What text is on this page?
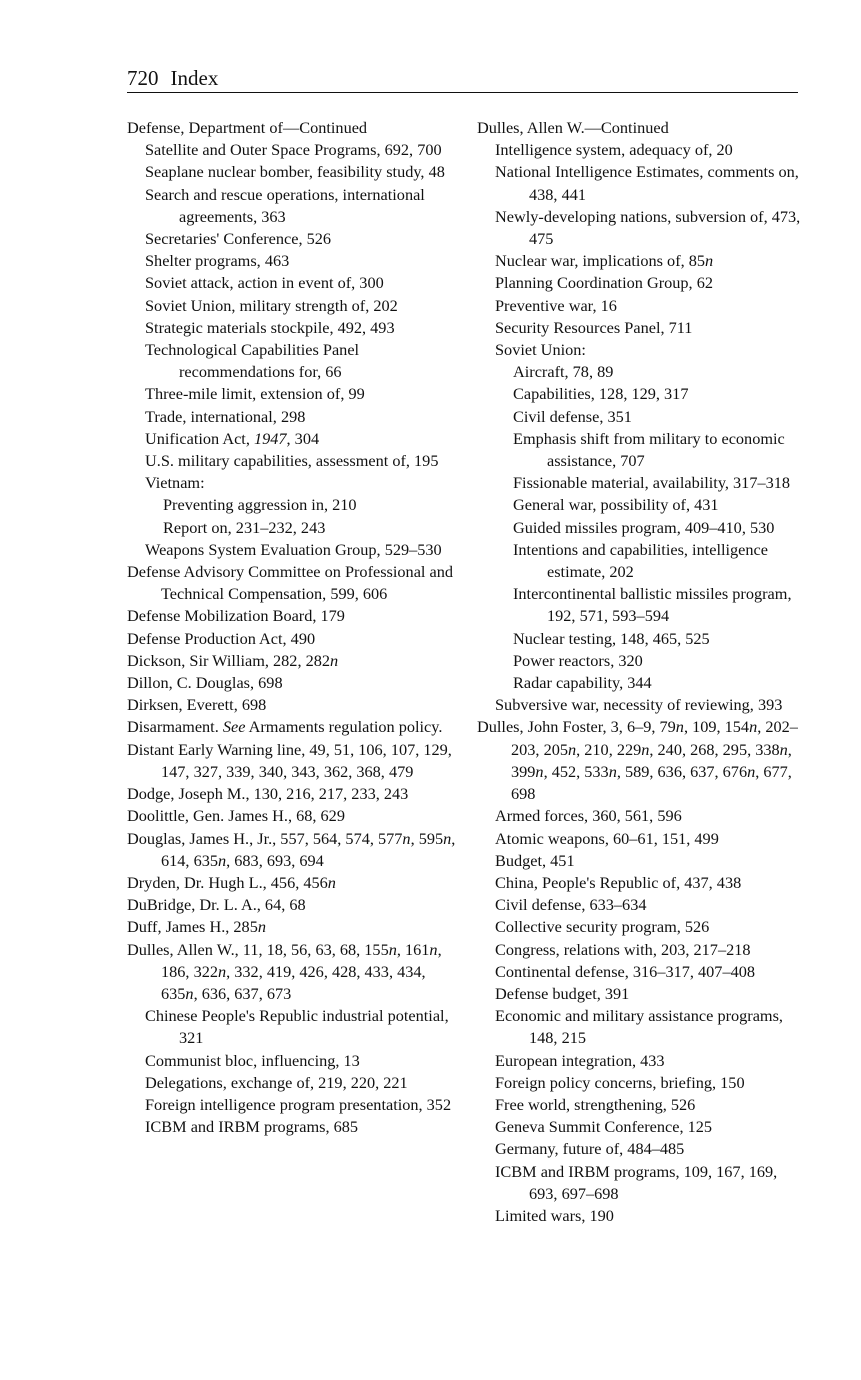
720 Index
Defense, Department of—Continued
Satellite and Outer Space Programs, 692, 700
Seaplane nuclear bomber, feasibility study, 48
Search and rescue operations, international agreements, 363
Secretaries' Conference, 526
Shelter programs, 463
Soviet attack, action in event of, 300
Soviet Union, military strength of, 202
Strategic materials stockpile, 492, 493
Technological Capabilities Panel recommendations for, 66
Three-mile limit, extension of, 99
Trade, international, 298
Unification Act, 1947, 304
U.S. military capabilities, assessment of, 195
Vietnam:
Preventing aggression in, 210
Report on, 231–232, 243
Weapons System Evaluation Group, 529–530
Defense Advisory Committee on Professional and Technical Compensation, 599, 606
Defense Mobilization Board, 179
Defense Production Act, 490
Dickson, Sir William, 282, 282n
Dillon, C. Douglas, 698
Dirksen, Everett, 698
Disarmament. See Armaments regulation policy.
Distant Early Warning line, 49, 51, 106, 107, 129, 147, 327, 339, 340, 343, 362, 368, 479
Dodge, Joseph M., 130, 216, 217, 233, 243
Doolittle, Gen. James H., 68, 629
Douglas, James H., Jr., 557, 564, 574, 577n, 595n, 614, 635n, 683, 693, 694
Dryden, Dr. Hugh L., 456, 456n
DuBridge, Dr. L. A., 64, 68
Duff, James H., 285n
Dulles, Allen W., 11, 18, 56, 63, 68, 155n, 161n, 186, 322n, 332, 419, 426, 428, 433, 434, 635n, 636, 637, 673
Chinese People's Republic industrial potential, 321
Communist bloc, influencing, 13
Delegations, exchange of, 219, 220, 221
Foreign intelligence program presentation, 352
ICBM and IRBM programs, 685
Dulles, Allen W.—Continued
Intelligence system, adequacy of, 20
National Intelligence Estimates, comments on, 438, 441
Newly-developing nations, subversion of, 473, 475
Nuclear war, implications of, 85n
Planning Coordination Group, 62
Preventive war, 16
Security Resources Panel, 711
Soviet Union:
Aircraft, 78, 89
Capabilities, 128, 129, 317
Civil defense, 351
Emphasis shift from military to economic assistance, 707
Fissionable material, availability, 317–318
General war, possibility of, 431
Guided missiles program, 409–410, 530
Intentions and capabilities, intelligence estimate, 202
Intercontinental ballistic missiles program, 192, 571, 593–594
Nuclear testing, 148, 465, 525
Power reactors, 320
Radar capability, 344
Subversive war, necessity of reviewing, 393
Dulles, John Foster, 3, 6–9, 79n, 109, 154n, 202–203, 205n, 210, 229n, 240, 268, 295, 338n, 399n, 452, 533n, 589, 636, 637, 676n, 677, 698
Armed forces, 360, 561, 596
Atomic weapons, 60–61, 151, 499
Budget, 451
China, People's Republic of, 437, 438
Civil defense, 633–634
Collective security program, 526
Congress, relations with, 203, 217–218
Continental defense, 316–317, 407–408
Defense budget, 391
Economic and military assistance programs, 148, 215
European integration, 433
Foreign policy concerns, briefing, 150
Free world, strengthening, 526
Geneva Summit Conference, 125
Germany, future of, 484–485
ICBM and IRBM programs, 109, 167, 169, 693, 697–698
Limited wars, 190
